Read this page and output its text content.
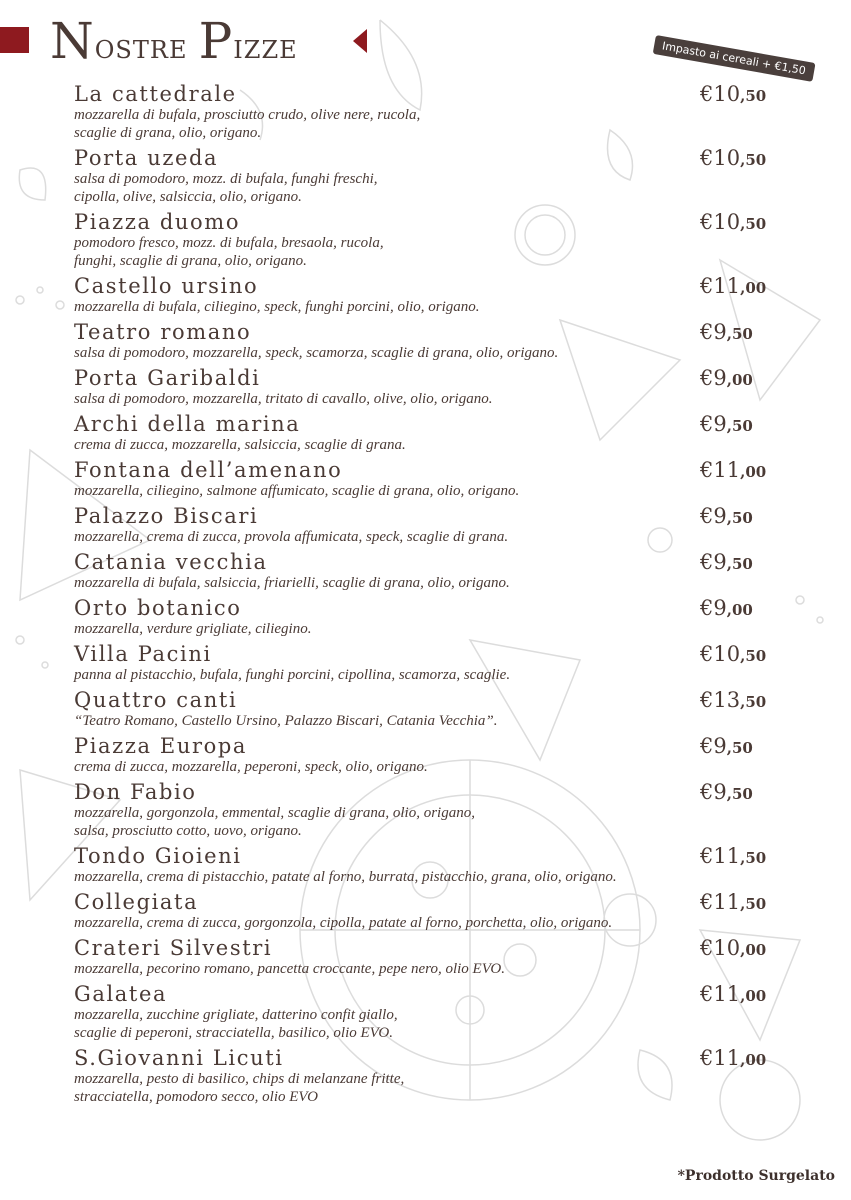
Nostre Pizze	Impasto ai cereali + €1,50
La cattedrale	€10,50
mozzarella di bufala, prosciutto crudo, olive nere, rucola,
scaglie di grana, olio, origano.
Porta uzeda	€10,50
salsa di pomodoro, mozz. di bufala, funghi freschi,
cipolla, olive, salsiccia, olio, origano.
Piazza duomo	€10,50
pomodoro fresco, mozz. di bufala, bresaola, rucola,
funghi, scaglie di grana, olio, origano.
Castello ursino	€11,00
mozzarella di bufala, ciliegino, speck, funghi porcini, olio, origano.
Teatro romano	€9,50
salsa di pomodoro, mozzarella, speck, scamorza, scaglie di grana, olio, origano.
Porta Garibaldi	€9,00
salsa di pomodoro, mozzarella, tritato di cavallo, olive, olio, origano.
Archi della marina	€9,50
crema di zucca, mozzarella, salsiccia, scaglie di grana.
Fontana dell’amenano	€11,00
mozzarella, ciliegino, salmone affumicato, scaglie di grana, olio, origano.
Palazzo Biscari	€9,50
mozzarella, crema di zucca, provola affumicata, speck, scaglie di grana.
Catania vecchia	€9,50
mozzarella di bufala, salsiccia, friarielli, scaglie di grana, olio, origano.
Orto botanico	€9,00
mozzarella, verdure grigliate, ciliegino.
Villa Pacini	€10,50
panna al pistacchio, bufala, funghi porcini, cipollina, scamorza, scaglie.
Quattro canti	€13,50
“Teatro Romano, Castello Ursino, Palazzo Biscari, Catania Vecchia”.
Piazza Europa	€9,50
crema di zucca, mozzarella, peperoni, speck, olio, origano.
Don Fabio	€9,50
mozzarella, gorgonzola, emmental, scaglie di grana, olio, origano,
salsa, prosciutto cotto, uovo, origano.
Tondo Gioieni	€11,50
mozzarella, crema di pistacchio, patate al forno, burrata, pistacchio, grana, olio, origano.
Collegiata	€11,50
mozzarella, crema di zucca, gorgonzola, cipolla, patate al forno, porchetta, olio, origano.
Crateri Silvestri	€10,00
mozzarella, pecorino romano, pancetta croccante, pepe nero, olio EVO.
Galatea	€11,00
mozzarella, zucchine grigliate, datterino confit giallo,
scaglie di peperoni, stracciatella, basilico, olio EVO.
S.Giovanni Licuti	€11,00
mozzarella, pesto di basilico, chips di melanzane fritte,
stracciatella, pomodoro secco, olio EVO
*Prodotto Surgelato
